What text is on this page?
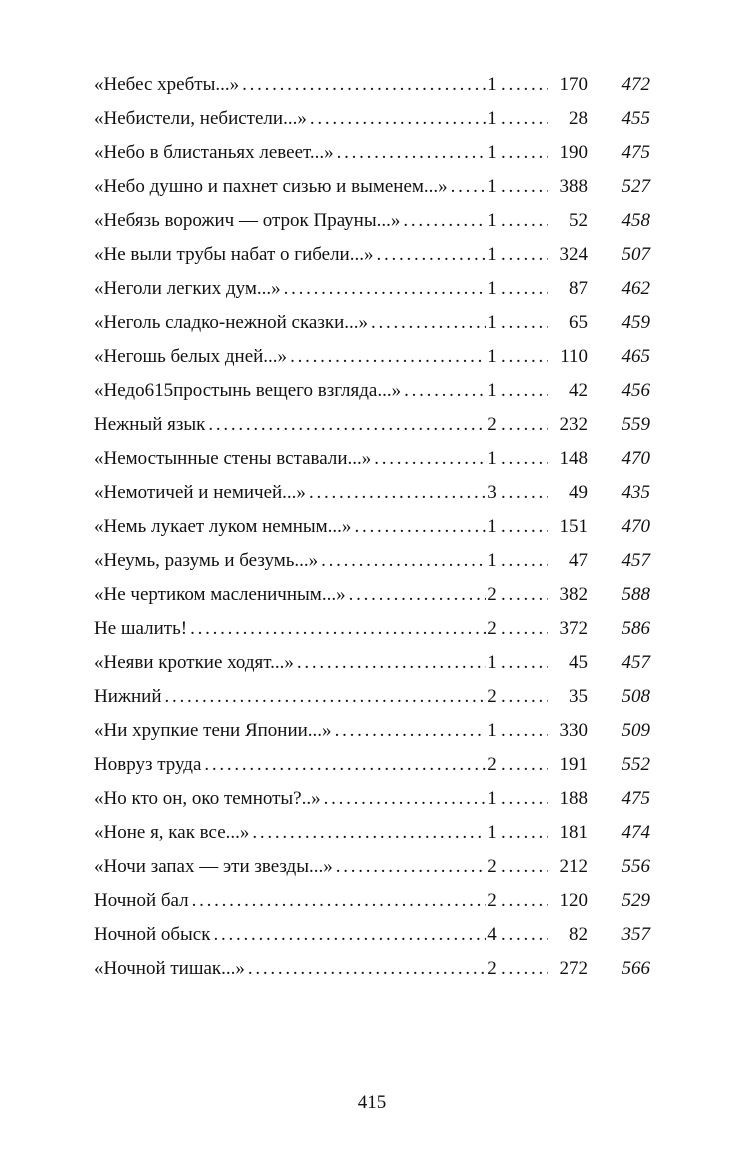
«Небес хребты...» . . .	1 . . .	170	472
«Небистели, небистели...» . . .	1 . . .	28	455
«Небо в блистаньях левеет...» . . .	1 . . .	190	475
«Небо душно и пахнет сизью и выменем...» . . . 1 . . .	388	527
«Небязь ворожич — отрок Прауны...» . . .	1 . . .	52	458
«Не выли трубы набат о гибели...» . . .	1 . . .	324	507
«Неголи легких дум...» . . .	1 . . .	87	462
«Неголь сладко-нежной сказки...» . . .	1 . . .	65	459
«Негошь белых дней...» . . .	1 . . .	110	465
«Недо615простынь вещего взгляда...» . . .	1 . . .	42	456
Нежный язык . . .	2 . . .	232	559
«Немостынные стены вставали...» . . .	1 . . .	148	470
«Немотичей и немичей...» . . .	3 . . .	49	435
«Немь лукает луком немным...» . . .	1 . . .	151	470
«Неумь, разумь и безумь...» . . .	1 . . .	47	457
«Не чертиком масленичным...» . . .	2 . . .	382	588
Не шалить! . . .	2 . . .	372	586
«Неяви кроткие ходят...» . . .	1 . . .	45	457
Нижний . . .	2 . . .	35	508
«Ни хрупкие тени Японии...» . . .	1 . . .	330	509
Новруз труда . . .	2 . . .	191	552
«Но кто он, око темноты?..» . . .	1 . . .	188	475
«Ноне я, как все...» . . .	1 . . .	181	474
«Ночи запах — эти звезды...» . . .	2 . . .	212	556
Ночной бал . . .	2 . . .	120	529
Ночной обыск . . .	4 . . .	82	357
«Ночной тишак...» . . .	2 . . .	272	566
415
